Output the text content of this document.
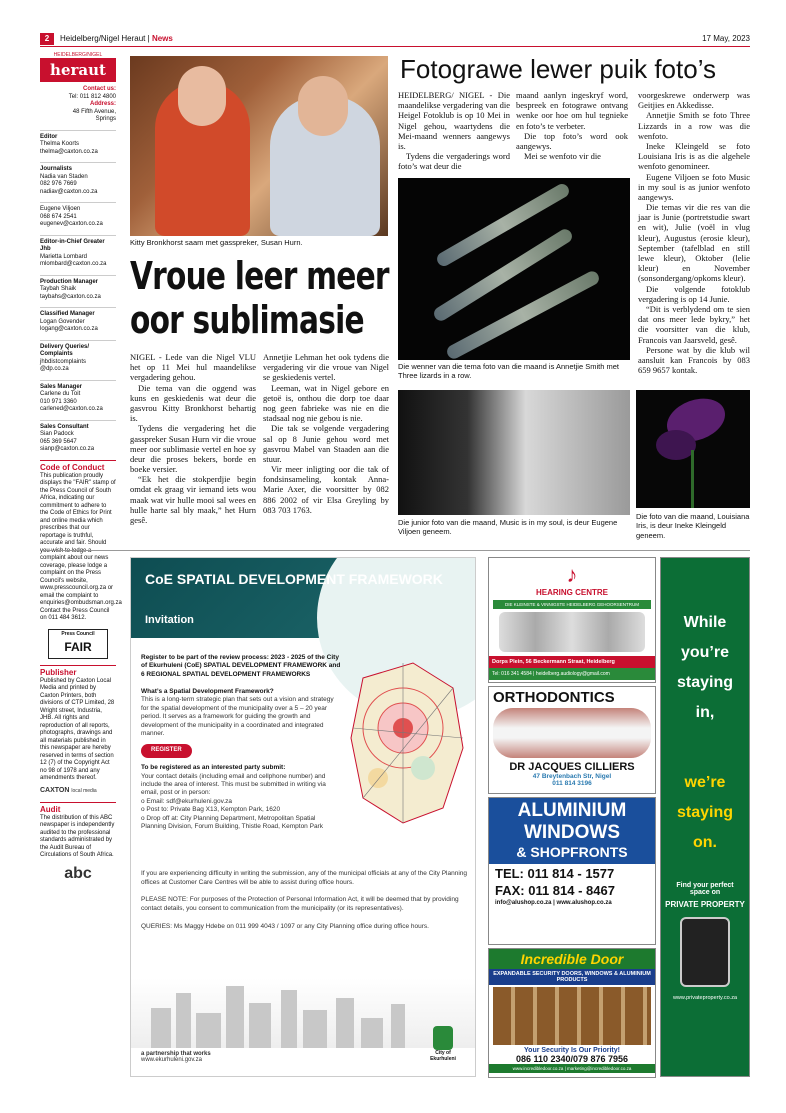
2	Heidelberg/Nigel Heraut | News	17 May, 2023
HEIDELBERG/NIGEL
heraut
Contact us:
Tel: 011 812 4800
Address:
48 Fifth Avenue,
Springs
Editor
Thelma Koorts
thelma@caxton.co.za
Journalists
Nadia van Staden
082 976 7669
nadiav@caxton.co.za
Eugene Viljoen
068 674 2541
eugenev@caxton.co.za
Editor-in-Chief Greater Jhb
Marietta Lombard
mlombard@caxton.co.za
Production Manager
Taybah Shaik
taybahs@caxton.co.za
Classified Manager
Logan Govender
logang@caxton.co.za
Delivery Queries/ Complaints
jhbdistcomplaints
@dp.co.za
Sales Manager
Carlene du Toit
010 971 3360
carlened@caxton.co.za
Sales Consultant
Sian Padock
065 369 5647
sianp@caxton.co.za
Code of Conduct

This publication proudly displays the "FAIR" stamp of the Press Council of South Africa, indicating our commitment to adhere to the Code of Ethics for Print and online media which prescribes that our reportage is truthful, accurate and fair. Should you wish to lodge a complaint about our news coverage, please lodge a complaint on the Press Council's website, www.presscouncil.org.za or email the complaint to enquiries@ombudsman.org.za Contact the Press Council on 011 484 3612.

Press Council
FAIR
Publisher

Published by Caxton Local Media and printed by Caxton Printers, both divisions of CTP Limited, 28 Wright street, Industria, JHB. All rights and reproduction of all reports, photographs, drawings and all materials published in this newspaper are hereby reserved in terms of section 12 (7) of the Copyright Act no 98 of 1978 and any amendments thereof.

CAXTON local media
Audit

The distribution of this ABC newspaper is independently audited to the professional standards administrated by the Audit Bureau of Circulations of South Africa.

abc
Kitty Bronkhorst saam met gasspreker, Susan Hurn.
Vroue leer meer
oor sublimasie

NIGEL - Lede van die Nigel VLU het op 11 Mei hul maandelikse vergadering gehou.

Die tema van die oggend was kuns en geskiedenis wat deur die gasvrou Kitty Bronkhorst behartig is.

Tydens die vergadering het die gasspreker Susan Hurn vir die vroue meer oor sublimasie vertel en hoe sy deur die proses bekers, borde en boeke versier.

“Ek het die stokperdjie begin omdat ek graag vir iemand iets wou maak wat vir hulle mooi sal wees en hulle harte sal bly maak,” het Hurn gesê.

Annetjie Lehman het ook tydens die vergadering vir die vroue van Nigel se geskiedenis vertel.

Leeman, wat in Nigel gebore en getoë is, onthou die dorp toe daar nog geen fabrieke was nie en die stadsaal nog nie gebou is nie.

Die tak se volgende vergadering sal op 8 Junie gehou word met gasvrou Mabel van Staaden aan die stuur.

Vir meer inligting oor die tak of fondsinsameling, kontak Anna-Marie Axer, die voorsitter by 082 886 2002 of vir Elsa Greyling by 083 703 1763.

Fotograwe lewer puik foto’s

HEIDELBERG/ NIGEL - Die maandelikse vergadering van die Heigel Fotoklub is op 10 Mei in Nigel gehou, waartydens die Mei-maand wenners aangewys is.

Tydens die vergaderings word foto’s wat deur die

maand aanlyn ingeskryf word, bespreek en fotograwe ontvang wenke oor hoe om hul tegnieke en foto’s te verbeter.

Die top foto’s word ook aangewys.

Mei se wenfoto vir die

voorgeskrewe onderwerp was Geitjies en Akkedisse.

Annetjie Smith se foto Three Lizzards in a row was die wenfoto.

Ineke Kleingeld se foto Louisiana Iris is as die algehele wenfoto genomineer.

Eugene Viljoen se foto Music in my soul is as junior wenfoto aangewys.

Die temas vir die res van die jaar is Junie (portretstudie swart en wit), Julie (voël in vlug kleur), Augustus (erosie kleur), September (tafelblad en still lewe kleur), Oktober (lelie kleur) en November (sonsondergang/opkoms kleur).

Die volgende fotoklub vergadering is op 14 Junie.

“Dit is verblydend om te sien dat ons meer lede bykry,” het die voorsitter van die klub, Francois van Jaarsveld, gesê.

Persone wat by die klub wil aansluit kan Francois by 083 659 9657 kontak.

Die wenner van die tema foto van die maand is Annetjie Smith met Three lizards in a row.
Die junior foto van die maand, Music is in my soul, is deur Eugene Viljoen geneem.
Die foto van die maand, Louisiana Iris, is deur Ineke Kleingeld geneem.
CoE SPATIAL DEVELOPMENT FRAMEWORK
Invitation
Register to be part of the review process: 2023 - 2025 of the City of Ekurhuleni (CoE) SPATIAL DEVELOPMENT FRAMEWORK and 6 REGIONAL SPATIAL DEVELOPMENT FRAMEWORKS

What’s a Spatial Development Framework?
This is a long-term strategic plan that sets out a vision and strategy for the spatial development of the municipality over a 5 – 20 year period. It serves as a framework for guiding the growth and development of the municipality in a coordinated and integrated manner.
REGISTER
To be registered as an interested party submit:
Your contact details (including email and cellphone number) and include the area of interest. This must be submitted in writing via email, post or in person:
o Email: sdf@ekurhuleni.gov.za
o Post to: Private Bag X13, Kempton Park, 1620
o Drop off at: City Planning Department, Metropolitan Spatial Planning Division, Forum Building, Thistle Road, Kempton Park

If you are experiencing difficulty in writing the submission, any of the municipal officials at any of the City Planning offices at Customer Care Centres will be able to assist during office hours.

PLEASE NOTE: For purposes of the Protection of Personal Information Act, it will be deemed that by providing contact details, you consent to communication from the municipality (or its representatives).

QUERIES: Ms Maggy Hdebe on 011 999 4043 / 1097 or any City Planning office during office hours.

a partnership that works
www.ekurhuleni.gov.za
City of Ekurhuleni
♪
HEARING CENTRE
DIE KLEINSTE & VINNIGSTE HEIDELBERG GEHOORSENTRUM
Dorps Plein, 56 Beckermann Straat, Heidelberg
Tel: 016 341 4584 | heidelberg.audiology@gmail.com
ORTHODONTICS
DR JACQUES CILLIERS
47 Breytenbach Str, Nigel
011 814 3196
ALUMINIUM
WINDOWS
& SHOPFRONTS
TEL: 011 814 - 1577
FAX: 011 814 - 8467
info@alushop.co.za | www.alushop.co.za
Incredible Door
EXPANDABLE SECURITY DOORS, WINDOWS & ALUMINIUM PRODUCTS
Your Security Is Our Priority!
086 110 2340/079 876 7956
www.incredibledoor.co.za | marketing@incredibledoor.co.za
While
you’re
staying
in,
we’re
staying
on.
Find your perfect space on
PRIVATE PROPERTY
www.privateproperty.co.za
